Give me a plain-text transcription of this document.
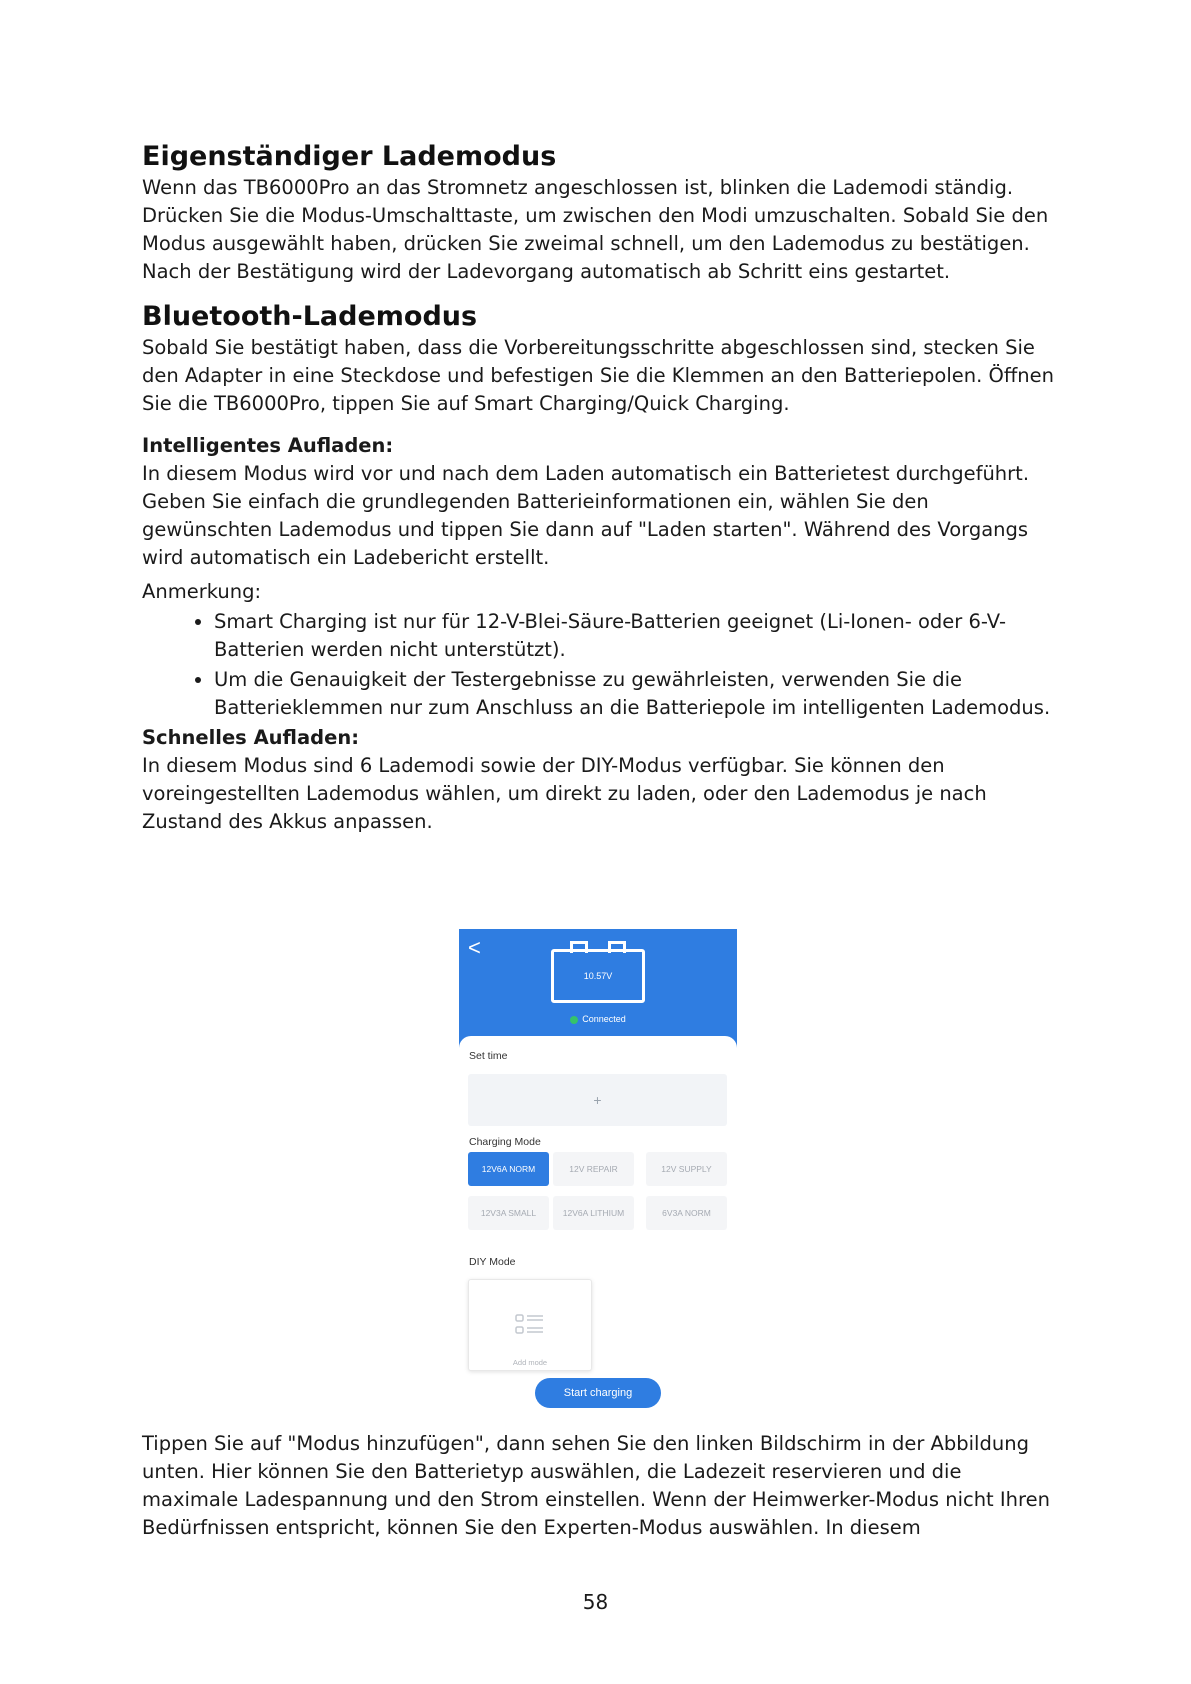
Eigenständiger Lademodus

Wenn das TB6000Pro an das Stromnetz angeschlossen ist, blinken die Lademodi ständig. Drücken Sie die Modus-Umschalttaste, um zwischen den Modi umzuschalten. Sobald Sie den Modus ausgewählt haben, drücken Sie zweimal schnell, um den Lademodus zu bestätigen. Nach der Bestätigung wird der Ladevorgang automatisch ab Schritt eins gestartet.

Bluetooth-Lademodus

Sobald Sie bestätigt haben, dass die Vorbereitungsschritte abgeschlossen sind, stecken Sie den Adapter in eine Steckdose und befestigen Sie die Klemmen an den Batteriepolen. Öffnen Sie die TB6000Pro, tippen Sie auf Smart Charging/Quick Charging.

Intelligentes Aufladen:

In diesem Modus wird vor und nach dem Laden automatisch ein Batterietest durchgeführt. Geben Sie einfach die grundlegenden Batterieinformationen ein, wählen Sie den gewünschten Lademodus und tippen Sie dann auf "Laden starten". Während des Vorgangs wird automatisch ein Ladebericht erstellt.

Anmerkung:

• Smart Charging ist nur für 12-V-Blei-Säure-Batterien geeignet (Li-Ionen- oder 6-V-Batterien werden nicht unterstützt).
• Um die Genauigkeit der Testergebnisse zu gewährleisten, verwenden Sie die Batterieklemmen nur zum Anschluss an die Batteriepole im intelligenten Lademodus.
Schnelles Aufladen:

In diesem Modus sind 6 Lademodi sowie der DIY-Modus verfügbar. Sie können den voreingestellten Lademodus wählen, um direkt zu laden, oder den Lademodus je nach Zustand des Akkus anpassen.

<
10.57V
Connected
Set time
+
Charging Mode
12V6A NORM	12V REPAIR	12V SUPPLY
12V3A SMALL	12V6A LITHIUM	6V3A NORM
DIY Mode
Add mode
Start charging

Tippen Sie auf "Modus hinzufügen", dann sehen Sie den linken Bildschirm in der Abbildung unten. Hier können Sie den Batterietyp auswählen, die Ladezeit reservieren und die maximale Ladespannung und den Strom einstellen. Wenn der Heimwerker-Modus nicht Ihren Bedürfnissen entspricht, können Sie den Experten-Modus auswählen. In diesem

58
